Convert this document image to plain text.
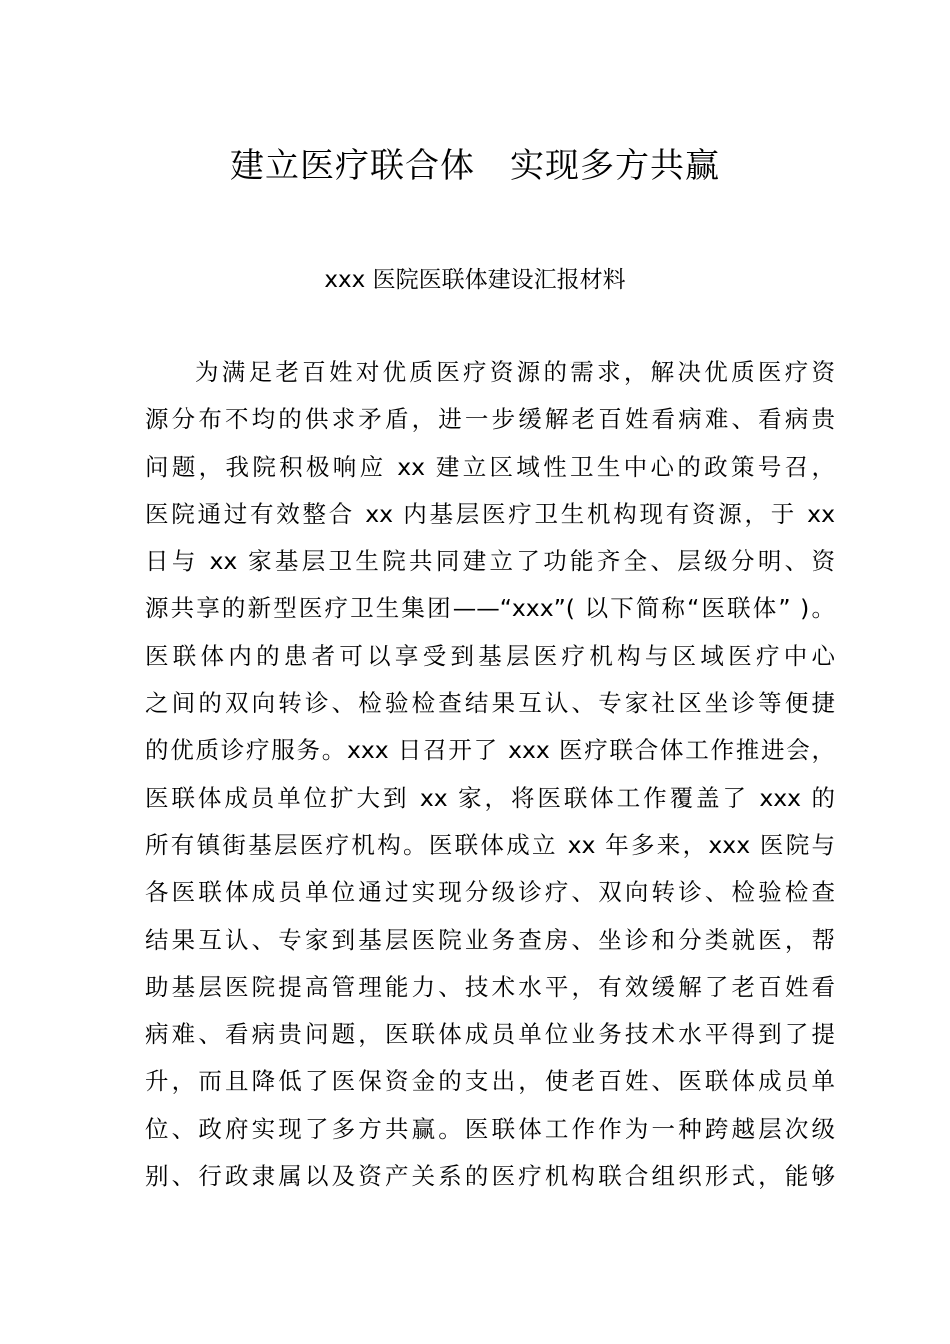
建立医疗联合体　实现多方共赢
xxx 医院医联体建设汇报材料
为满足老百姓对优质医疗资源的需求，解决优质医疗资
源分布不均的供求矛盾，进一步缓解老百姓看病难、看病贵
问题，我院积极响应 xx 建立区域性卫生中心的政策号召，
医院通过有效整合 xx 内基层医疗卫生机构现有资源，于 xx
日与 xx 家基层卫生院共同建立了功能齐全、层级分明、资
源共享的新型医疗卫生集团——“xxx”( 以下简称“医联体” )。
医联体内的患者可以享受到基层医疗机构与区域医疗中心
之间的双向转诊、检验检查结果互认、专家社区坐诊等便捷
的优质诊疗服务。xxx 日召开了 xxx 医疗联合体工作推进会，
医联体成员单位扩大到 xx 家，将医联体工作覆盖了 xxx 的
所有镇街基层医疗机构。医联体成立 xx 年多来，xxx 医院与
各医联体成员单位通过实现分级诊疗、双向转诊、检验检查
结果互认、专家到基层医院业务查房、坐诊和分类就医，帮
助基层医院提高管理能力、技术水平，有效缓解了老百姓看
病难、看病贵问题，医联体成员单位业务技术水平得到了提
升，而且降低了医保资金的支出，使老百姓、医联体成员单
位、政府实现了多方共赢。医联体工作作为一种跨越层次级
别、行政隶属以及资产关系的医疗机构联合组织形式，能够
